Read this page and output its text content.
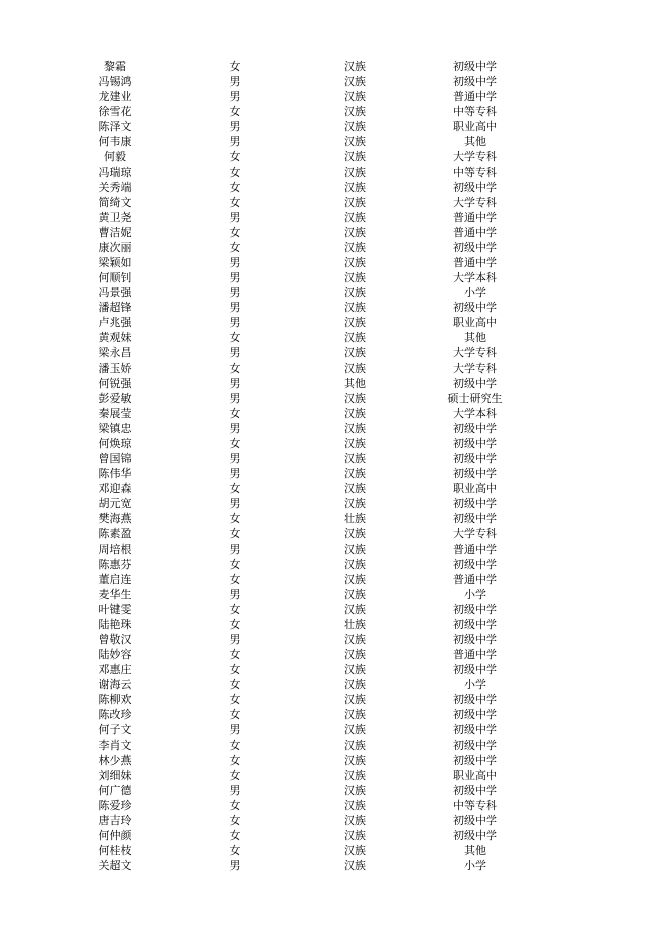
黎霜	女	汉族	初级中学
冯锡鸿	男	汉族	初级中学
龙建业	男	汉族	普通中学
徐雪花	女	汉族	中等专科
陈泽文	男	汉族	职业高中
何韦康	男	汉族	其他
何毅	女	汉族	大学专科
冯瑞琼	女	汉族	中等专科
关秀端	女	汉族	初级中学
简绮文	女	汉族	大学专科
黄卫尧	男	汉族	普通中学
曹洁妮	女	汉族	普通中学
康次丽	女	汉族	初级中学
梁颖如	男	汉族	普通中学
何顺钊	男	汉族	大学本科
冯景强	男	汉族	小学
潘超锋	男	汉族	初级中学
卢兆强	男	汉族	职业高中
黄观妹	女	汉族	其他
梁永昌	男	汉族	大学专科
潘玉娇	女	汉族	大学专科
何锐强	男	其他	初级中学
彭爱敏	男	汉族	硕士研究生
秦展莹	女	汉族	大学本科
梁镇忠	男	汉族	初级中学
何焕琼	女	汉族	初级中学
曾国锦	男	汉族	初级中学
陈伟华	男	汉族	初级中学
邓迎森	女	汉族	职业高中
胡元宽	男	汉族	初级中学
樊海燕	女	壮族	初级中学
陈素盈	女	汉族	大学专科
周培根	男	汉族	普通中学
陈惠芬	女	汉族	初级中学
董启连	女	汉族	普通中学
麦华生	男	汉族	小学
叶键雯	女	汉族	初级中学
陆艳珠	女	壮族	初级中学
曾敬汉	男	汉族	初级中学
陆妙容	女	汉族	普通中学
邓惠庄	女	汉族	初级中学
谢海云	女	汉族	小学
陈柳欢	女	汉族	初级中学
陈改珍	女	汉族	初级中学
何子文	男	汉族	初级中学
李肖文	女	汉族	初级中学
林少燕	女	汉族	初级中学
刘细妹	女	汉族	职业高中
何广德	男	汉族	初级中学
陈爱珍	女	汉族	中等专科
唐吉玲	女	汉族	初级中学
何仲颜	女	汉族	初级中学
何桂枝	女	汉族	其他
关超文	男	汉族	小学
